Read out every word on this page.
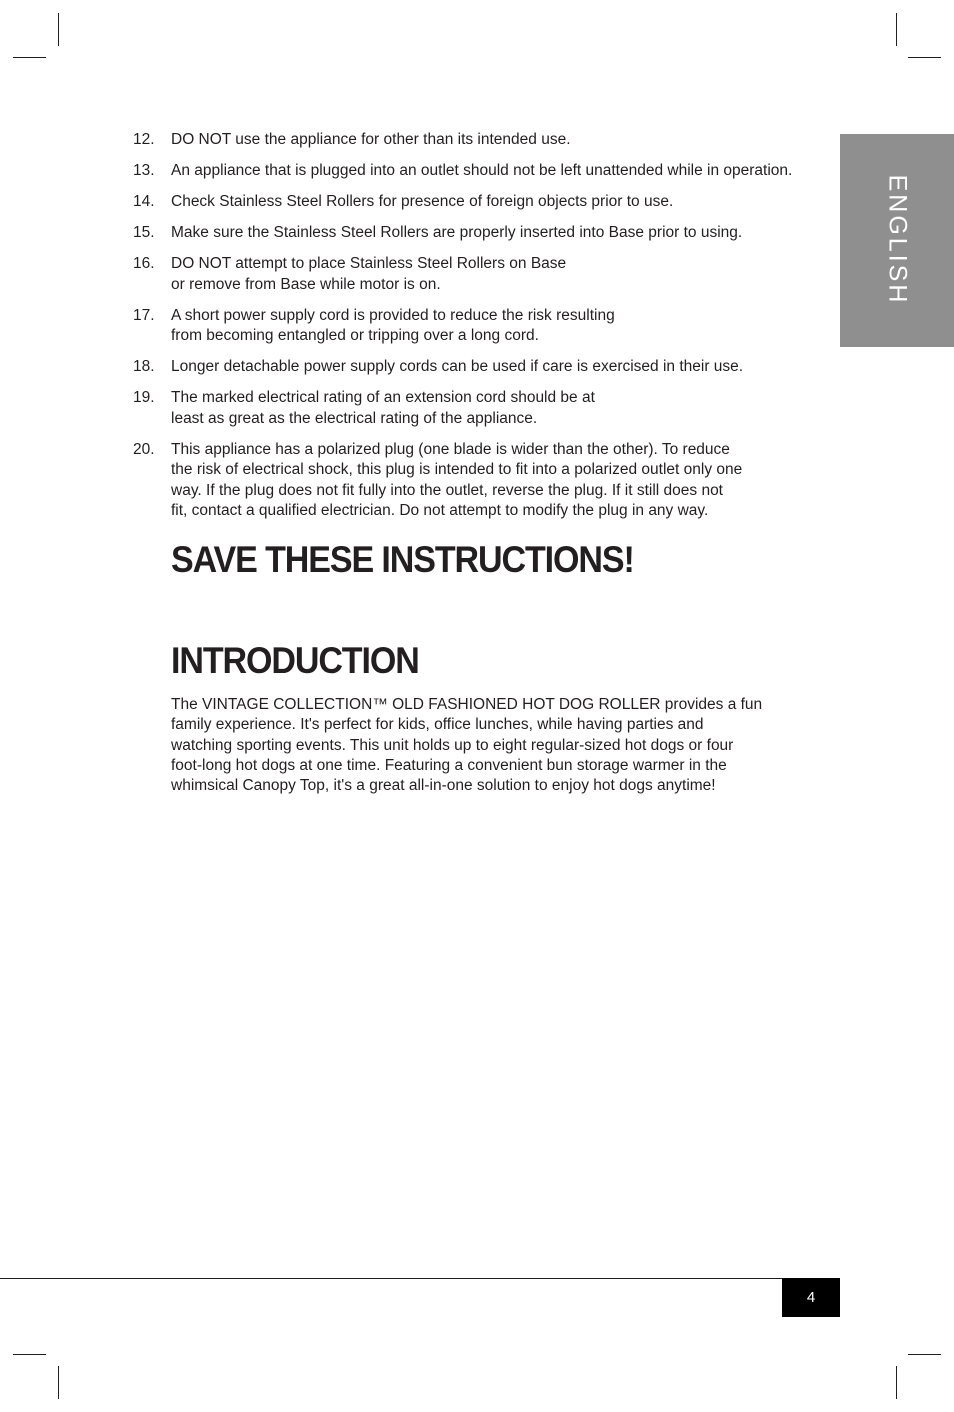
ENGLISH
12.	DO NOT use the appliance for other than its intended use.
13.	An appliance that is plugged into an outlet should not be left unattended while in operation.
14.	Check Stainless Steel Rollers for presence of foreign objects prior to use.
15.	Make sure the Stainless Steel Rollers are properly inserted into Base prior to using.
16.	DO NOT attempt to place Stainless Steel Rollers on Base
or remove from Base while motor is on.
17.	A short power supply cord is provided to reduce the risk resulting
from becoming entangled or tripping over a long cord.
18.	Longer detachable power supply cords can be used if care is exercised in their use.
19.	The marked electrical rating of an extension cord should be at
least as great as the electrical rating of the appliance.
20.	This appliance has a polarized plug (one blade is wider than the other). To reduce
the risk of electrical shock, this plug is intended to fit into a polarized outlet only one
way. If the plug does not fit fully into the outlet, reverse the plug. If it still does not
fit, contact a qualified electrician. Do not attempt to modify the plug in any way.
SAVE THESE INSTRUCTIONS!
INTRODUCTION

The VINTAGE COLLECTION™ OLD FASHIONED HOT DOG ROLLER provides a fun
family experience. It's perfect for kids, office lunches, while having parties and
watching sporting events. This unit holds up to eight regular-sized hot dogs or four
foot-long hot dogs at one time. Featuring a convenient bun storage warmer in the
whimsical Canopy Top, it's a great all-in-one solution to enjoy hot dogs anytime!

4
